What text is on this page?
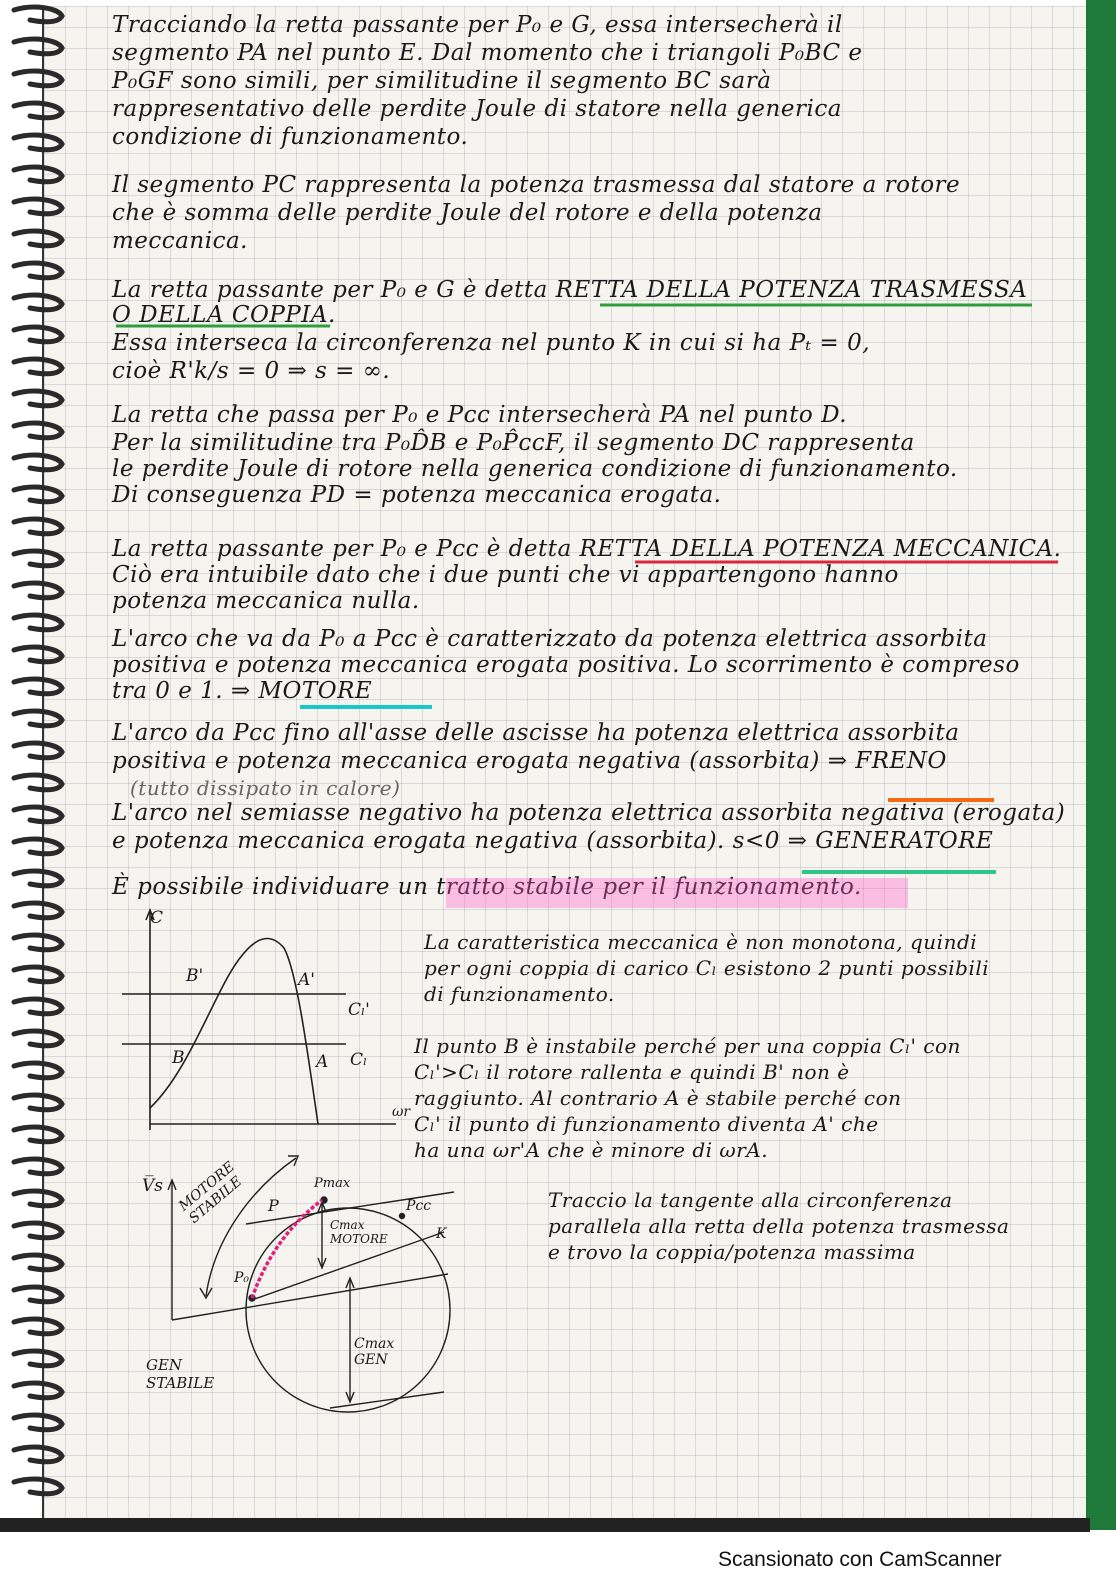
Tracciando la retta passante per P₀ e G, essa intersecherà il
segmento PA nel punto E. Dal momento che i triangoli P₀BC e
P₀GF sono simili, per similitudine il segmento BC sarà
rappresentativo delle perdite Joule di statore nella generica
condizione di funzionamento.
Il segmento PC rappresenta la potenza trasmessa dal statore a rotore
che è somma delle perdite Joule del rotore e della potenza
meccanica.
La retta passante per P₀ e G è detta RETTA DELLA POTENZA TRASMESSA
O DELLA COPPIA.
Essa interseca la circonferenza nel punto K in cui si ha Pₜ = 0,
cioè R'k/s = 0 ⇒ s = ∞.
La retta che passa per P₀ e Pᴄᴄ intersecherà PA nel punto D.
Per la similitudine tra P₀D̂B e P₀P̂ᴄᴄF, il segmento DC rappresenta
le perdite Joule di rotore nella generica condizione di funzionamento.
Di conseguenza PD = potenza meccanica erogata.
La retta passante per P₀ e Pᴄᴄ è detta RETTA DELLA POTENZA MECCANICA.
Ciò era intuibile dato che i due punti che vi appartengono hanno
potenza meccanica nulla.
L'arco che va da P₀ a Pᴄᴄ è caratterizzato da potenza elettrica assorbita
positiva e potenza meccanica erogata positiva. Lo scorrimento è compreso
tra 0 e 1. ⇒ MOTORE
L'arco da Pᴄᴄ fino all'asse delle ascisse ha potenza elettrica assorbita
positiva e potenza meccanica erogata negativa (assorbita) ⇒ FRENO
(tutto dissipato in calore)
L'arco nel semiasse negativo ha potenza elettrica assorbita negativa (erogata)
e potenza meccanica erogata negativa (assorbita). s<0 ⇒ GENERATORE
È possibile individuare un tratto stabile per il funzionamento.
La caratteristica meccanica è non monotona, quindi
per ogni coppia di carico Cₗ esistono 2 punti possibili
di funzionamento.
Il punto B è instabile perché per una coppia Cₗ' con
Cₗ'>Cₗ il rotore rallenta e quindi B' non è
raggiunto. Al contrario A è stabile perché con
Cₗ' il punto di funzionamento diventa A' che
ha una ωr'A che è minore di ωrA.
Traccio la tangente alla circonferenza
parallela alla retta della potenza trasmessa
e trovo la coppia/potenza massima
C
ωr
B'	A'
B	A
Cₗ'
Cₗ
V̅s MOTORE STABILE
GEN STABILE
Pmax
Pcc
K
P
P₀
Cmax MOTORE
Cmax GEN
Scansionato con CamScanner
